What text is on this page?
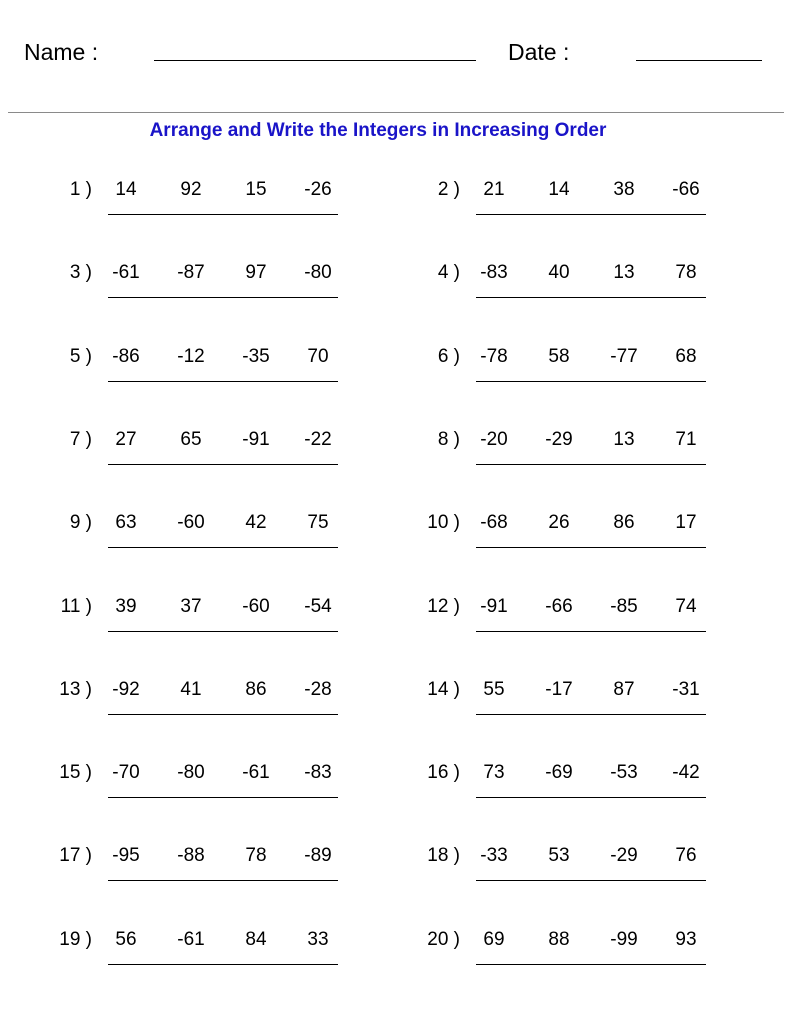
Name :	Date :
Arrange and Write the Integers in Increasing Order
1 )	14	92	15	-26	2 )	21	14	38	-66
3 )	-61	-87	97	-80	4 )	-83	40	13	78
5 )	-86	-12	-35	70	6 )	-78	58	-77	68
7 )	27	65	-91	-22	8 )	-20	-29	13	71
9 )	63	-60	42	75	10 )	-68	26	86	17
11 )	39	37	-60	-54	12 )	-91	-66	-85	74
13 )	-92	41	86	-28	14 )	55	-17	87	-31
15 )	-70	-80	-61	-83	16 )	73	-69	-53	-42
17 )	-95	-88	78	-89	18 )	-33	53	-29	76
19 )	56	-61	84	33	20 )	69	88	-99	93
